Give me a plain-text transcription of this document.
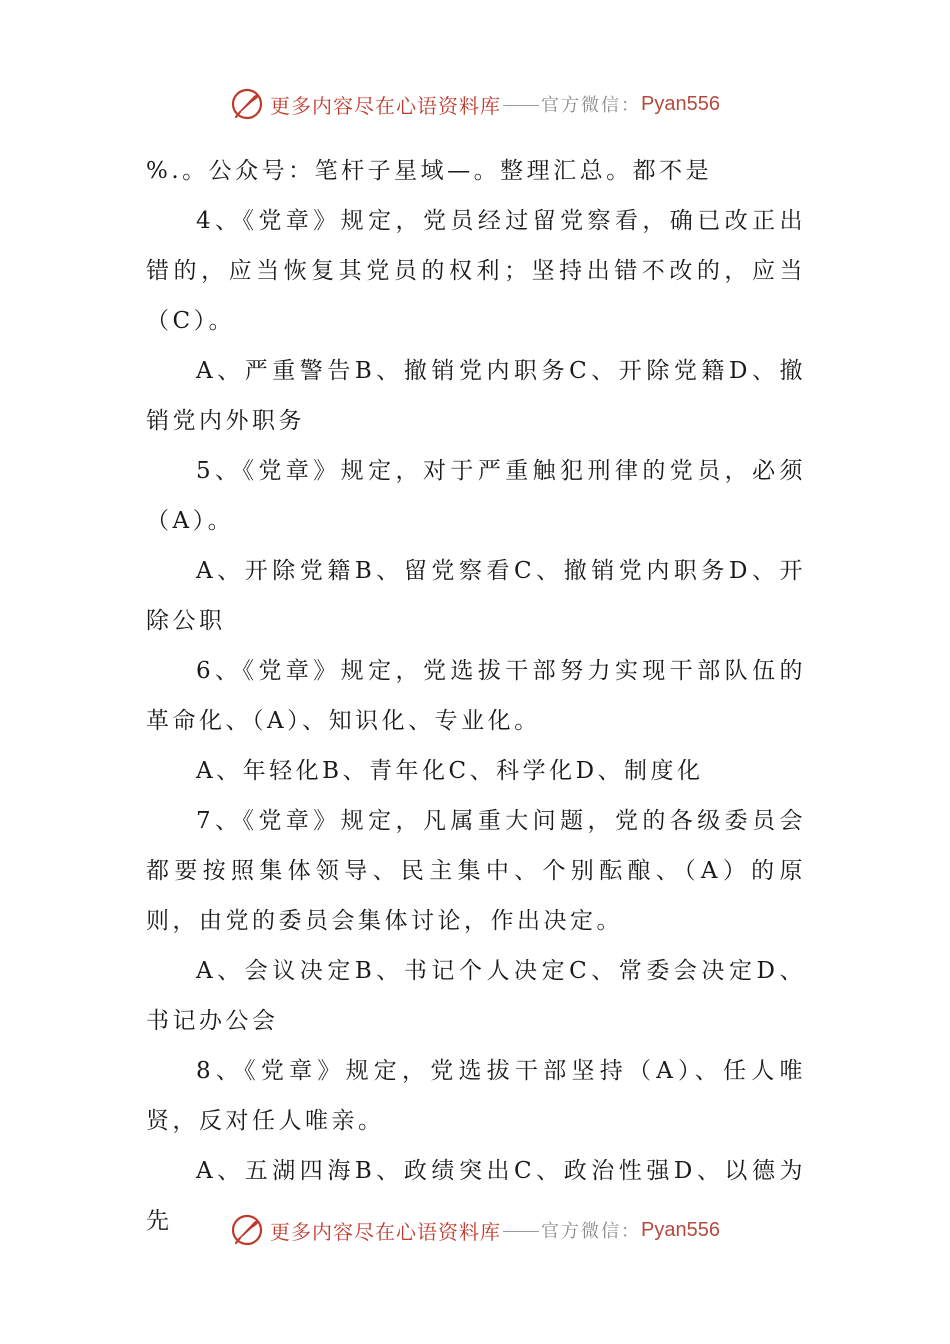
更多内容尽在心语资料库 官方微信： Pyan556

%.。公众号：笔杆子星域—。整理汇总。都不是

4、《党章》规定，党员经过留党察看，确已改正出错的，应当恢复其党员的权利；坚持出错不改的，应当（C）。

A、严重警告B、撤销党内职务C、开除党籍D、撤销党内外职务

5、《党章》规定，对于严重触犯刑律的党员，必须（A）。

A、开除党籍B、留党察看C、撤销党内职务D、开除公职

6、《党章》规定，党选拔干部努力实现干部队伍的革命化、（A）、知识化、专业化。

A、年轻化B、青年化C、科学化D、制度化

7、《党章》规定，凡属重大问题，党的各级委员会都要按照集体领导、民主集中、个别酝酿、（A）的原则，由党的委员会集体讨论，作出决定。

A、会议决定B、书记个人决定C、常委会决定D、书记办公会

8、《党章》规定，党选拔干部坚持（A）、任人唯贤，反对任人唯亲。

A、五湖四海B、政绩突出C、政治性强D、以德为先	更多内容尽在心语资料库 官方微信： Pyan556
